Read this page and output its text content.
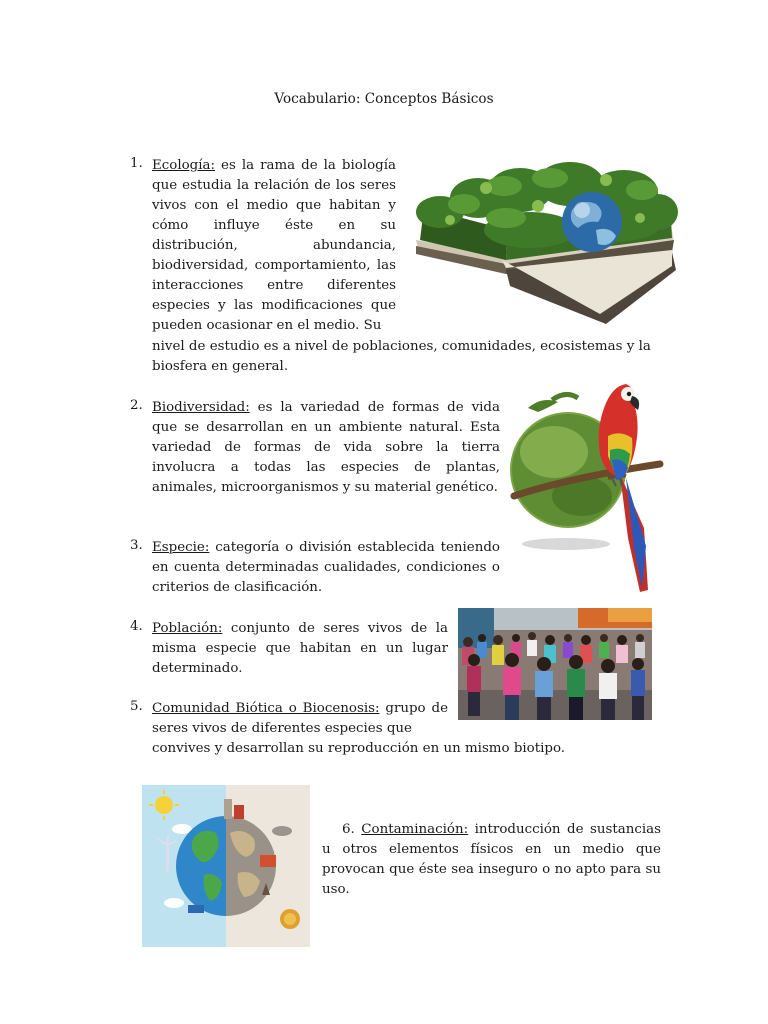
Vocabulario: Conceptos Básicos
1. Ecología: es la rama de la biología que estudia la relación de los seres vivos con el medio que habitan y cómo influye éste en su distribución, abundancia, biodiversidad, comportamiento, las interacciones entre diferentes especies y las modificaciones que pueden ocasionar en el medio. Su
nivel de estudio es a nivel de poblaciones, comunidades, ecosistemas y la biosfera en general.
2. Biodiversidad: es la variedad de formas de vida que se desarrollan en un ambiente natural. Esta variedad de formas de vida sobre la tierra involucra a todas las especies de plantas, animales, microorganismos y su material genético.
3. Especie: categoría o división establecida teniendo en cuenta determinadas cualidades, condiciones o criterios de clasificación.
4. Población: conjunto de seres vivos de la misma especie que habitan en un lugar determinado.
5. Comunidad Biótica o Biocenosis: grupo de seres vivos de diferentes especies que
convives y desarrollan su reproducción en un mismo biotipo.
6. Contaminación: introducción de sustancias u otros elementos físicos en un medio que provocan que éste sea inseguro o no apto para su uso.
